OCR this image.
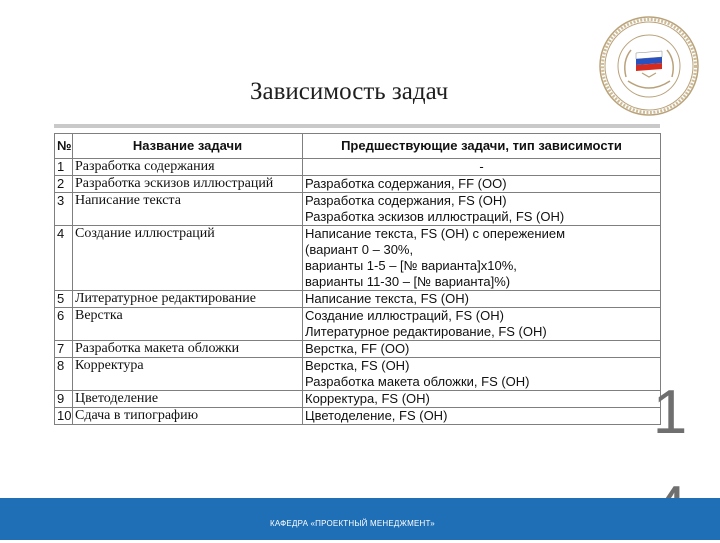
Зависимость задач
№	Название задачи	Предшествующие задачи, тип зависимости
1	Разработка содержания	-

2	Разработка эскизов иллюстраций	Разработка содержания, FF (OO)

3	Написание текста	Разработка содержания, FS (OH)
Разработка эскизов иллюстраций, FS (OH)

4	Создание иллюстраций	Написание текста, FS (OH) с опережением
(вариант 0 – 30%,
варианты 1-5 – [№ варианта]x10%,
варианты 11-30 – [№ варианта]%)

5	Литературное редактирование	Написание текста, FS (OH)

6	Верстка	Создание иллюстраций, FS (OH)
Литературное редактирование, FS (OH)

7	Разработка макета обложки	Верстка, FF (OO)

8	Корректура	Верстка, FS (OH)
Разработка макета обложки, FS (OH)

9	Цветоделение	Корректура, FS (OH)

10	Сдача в типографию	Цветоделение, FS (OH)	1
КАФЕДРА «ПРОЕКТНЫЙ МЕНЕДЖМЕНТ»
